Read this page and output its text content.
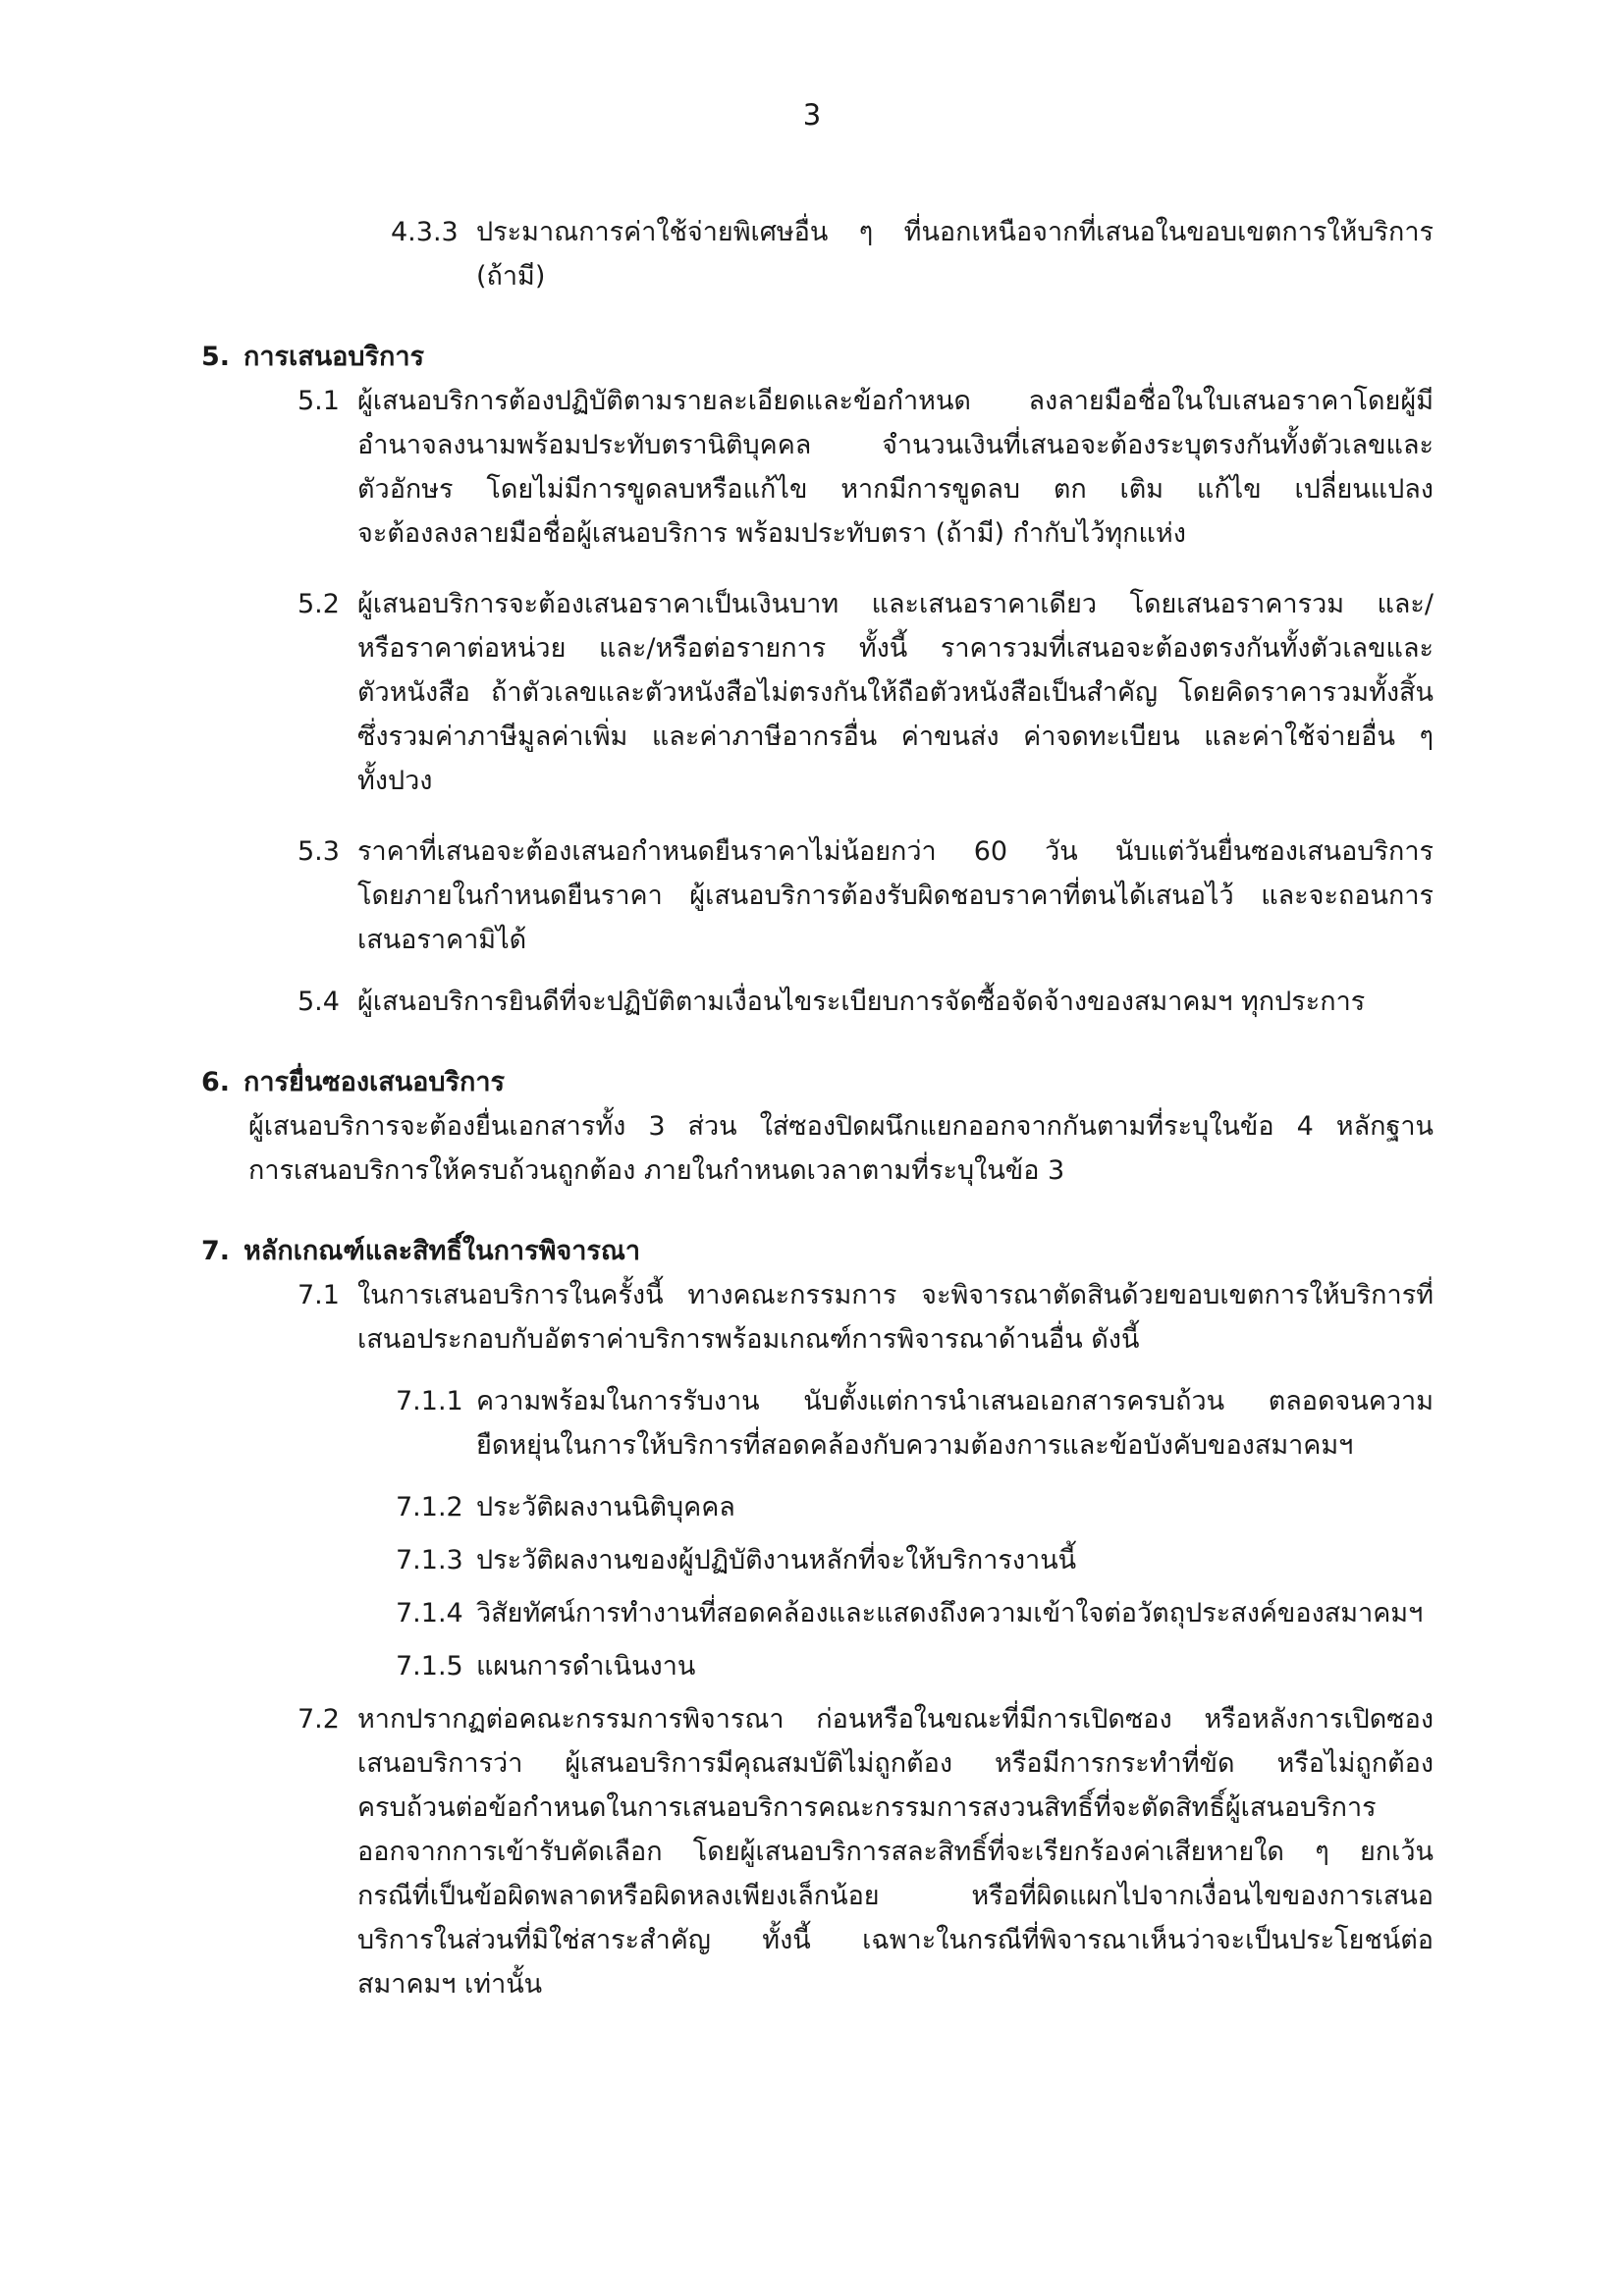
3
4.3.3 ประมาณการค่าใช้จ่ายพิเศษอื่น ๆ ที่นอกเหนือจากที่เสนอในขอบเขตการให้บริการ
(ถ้ามี)
5. การเสนอบริการ
5.1 ผู้เสนอบริการต้องปฏิบัติตามรายละเอียดและข้อกำหนด ลงลายมือชื่อในใบเสนอราคาโดยผู้มี
อำนาจลงนามพร้อมประทับตรานิติบุคคล จำนวนเงินที่เสนอจะต้องระบุตรงกันทั้งตัวเลขและ
ตัวอักษร โดยไม่มีการขูดลบหรือแก้ไข หากมีการขูดลบ ตก เติม แก้ไข เปลี่ยนแปลง
จะต้องลงลายมือชื่อผู้เสนอบริการ พร้อมประทับตรา (ถ้ามี) กำกับไว้ทุกแห่ง
5.2 ผู้เสนอบริการจะต้องเสนอราคาเป็นเงินบาท และเสนอราคาเดียว โดยเสนอราคารวม และ/
หรือราคาต่อหน่วย และ/หรือต่อรายการ ทั้งนี้ ราคารวมที่เสนอจะต้องตรงกันทั้งตัวเลขและ
ตัวหนังสือ ถ้าตัวเลขและตัวหนังสือไม่ตรงกันให้ถือตัวหนังสือเป็นสำคัญ โดยคิดราคารวมทั้งสิ้น
ซึ่งรวมค่าภาษีมูลค่าเพิ่ม และค่าภาษีอากรอื่น ค่าขนส่ง ค่าจดทะเบียน และค่าใช้จ่ายอื่น ๆ
ทั้งปวง
5.3 ราคาที่เสนอจะต้องเสนอกำหนดยืนราคาไม่น้อยกว่า 60 วัน นับแต่วันยื่นซองเสนอบริการ
โดยภายในกำหนดยืนราคา ผู้เสนอบริการต้องรับผิดชอบราคาที่ตนได้เสนอไว้ และจะถอนการ
เสนอราคามิได้
5.4 ผู้เสนอบริการยินดีที่จะปฏิบัติตามเงื่อนไขระเบียบการจัดซื้อจัดจ้างของสมาคมฯ ทุกประการ
6. การยื่นซองเสนอบริการ
ผู้เสนอบริการจะต้องยื่นเอกสารทั้ง 3 ส่วน ใส่ซองปิดผนึกแยกออกจากกันตามที่ระบุในข้อ 4 หลักฐาน
การเสนอบริการให้ครบถ้วนถูกต้อง ภายในกำหนดเวลาตามที่ระบุในข้อ 3
7. หลักเกณฑ์และสิทธิ์ในการพิจารณา
7.1 ในการเสนอบริการในครั้งนี้ ทางคณะกรรมการ จะพิจารณาตัดสินด้วยขอบเขตการให้บริการที่
เสนอประกอบกับอัตราค่าบริการพร้อมเกณฑ์การพิจารณาด้านอื่น ดังนี้
7.1.1 ความพร้อมในการรับงาน นับตั้งแต่การนำเสนอเอกสารครบถ้วน ตลอดจนความ
ยืดหยุ่นในการให้บริการที่สอดคล้องกับความต้องการและข้อบังคับของสมาคมฯ
7.1.2 ประวัติผลงานนิติบุคคล
7.1.3 ประวัติผลงานของผู้ปฏิบัติงานหลักที่จะให้บริการงานนี้
7.1.4 วิสัยทัศน์การทำงานที่สอดคล้องและแสดงถึงความเข้าใจต่อวัตถุประสงค์ของสมาคมฯ
7.1.5 แผนการดำเนินงาน
7.2 หากปรากฏต่อคณะกรรมการพิจารณา ก่อนหรือในขณะที่มีการเปิดซอง หรือหลังการเปิดซอง
เสนอบริการว่า ผู้เสนอบริการมีคุณสมบัติไม่ถูกต้อง หรือมีการกระทำที่ขัด หรือไม่ถูกต้อง
ครบถ้วนต่อข้อกำหนดในการเสนอบริการคณะกรรมการสงวนสิทธิ์ที่จะตัดสิทธิ์ผู้เสนอบริการ
ออกจากการเข้ารับคัดเลือก โดยผู้เสนอบริการสละสิทธิ์ที่จะเรียกร้องค่าเสียหายใด ๆ ยกเว้น
กรณีที่เป็นข้อผิดพลาดหรือผิดหลงเพียงเล็กน้อย หรือที่ผิดแผกไปจากเงื่อนไขของการเสนอ
บริการในส่วนที่มิใช่สาระสำคัญ ทั้งนี้ เฉพาะในกรณีที่พิจารณาเห็นว่าจะเป็นประโยชน์ต่อ
สมาคมฯ เท่านั้น
